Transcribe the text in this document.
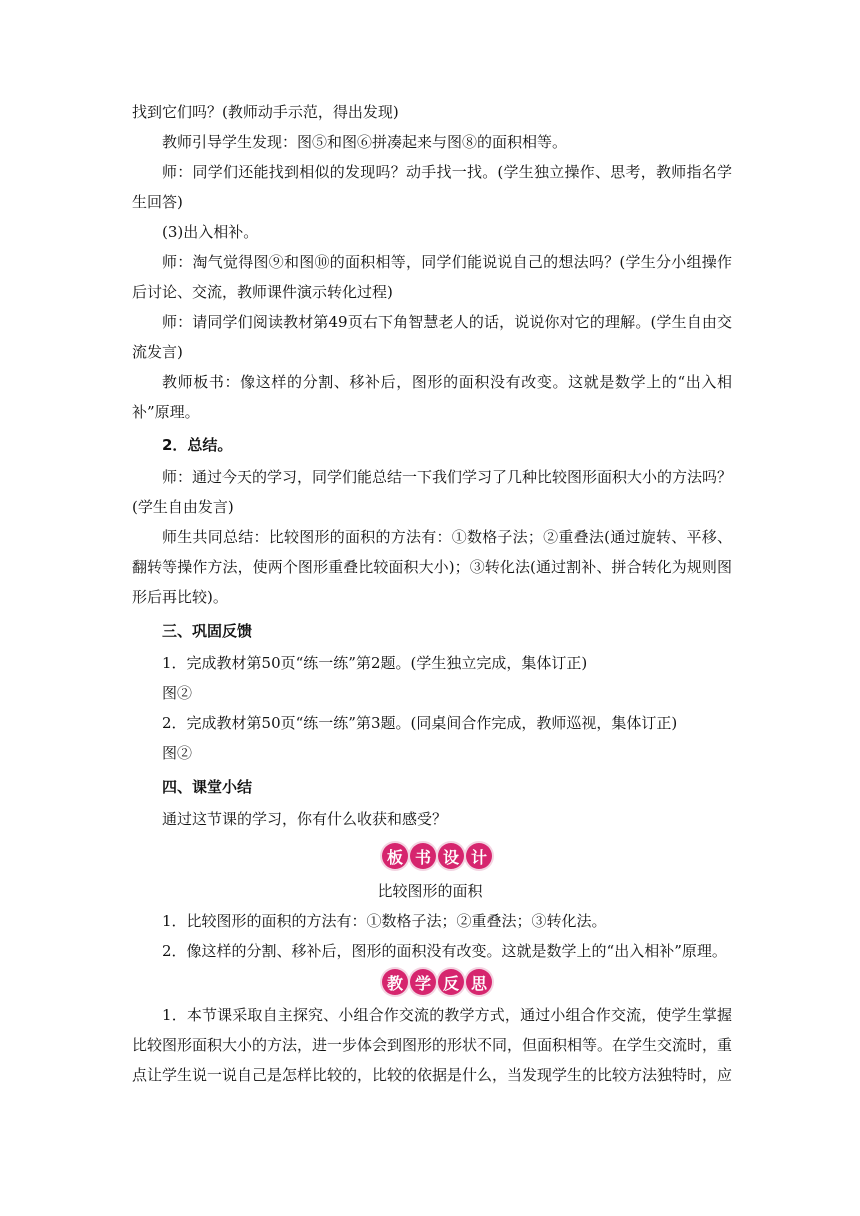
找到它们吗？(教师动手示范，得出发现)
教师引导学生发现：图⑤和图⑥拼凑起来与图⑧的面积相等。
师：同学们还能找到相似的发现吗？动手找一找。(学生独立操作、思考，教师指名学生回答)
(3)出入相补。
师：淘气觉得图⑨和图⑩的面积相等，同学们能说说自己的想法吗？(学生分小组操作后讨论、交流，教师课件演示转化过程)
师：请同学们阅读教材第49页右下角智慧老人的话，说说你对它的理解。(学生自由交流发言)
教师板书：像这样的分割、移补后，图形的面积没有改变。这就是数学上的“出入相补”原理。
2．总结。
师：通过今天的学习，同学们能总结一下我们学习了几种比较图形面积大小的方法吗？(学生自由发言)
师生共同总结：比较图形的面积的方法有：①数格子法；②重叠法(通过旋转、平移、翻转等操作方法，使两个图形重叠比较面积大小)；③转化法(通过割补、拼合转化为规则图形后再比较)。
三、巩固反馈
1．完成教材第50页“练一练”第2题。(学生独立完成，集体订正)
图②
2．完成教材第50页“练一练”第3题。(同桌间合作完成，教师巡视，集体订正)
图②
四、课堂小结
通过这节课的学习，你有什么收获和感受？
板 书 设 计
比较图形的面积
1．比较图形的面积的方法有：①数格子法；②重叠法；③转化法。
2．像这样的分割、移补后，图形的面积没有改变。这就是数学上的“出入相补”原理。
教 学 反 思
1．本节课采取自主探究、小组合作交流的教学方式，通过小组合作交流，使学生掌握比较图形面积大小的方法，进一步体会到图形的形状不同，但面积相等。在学生交流时，重点让学生说一说自己是怎样比较的，比较的依据是什么，当发现学生的比较方法独特时，应
